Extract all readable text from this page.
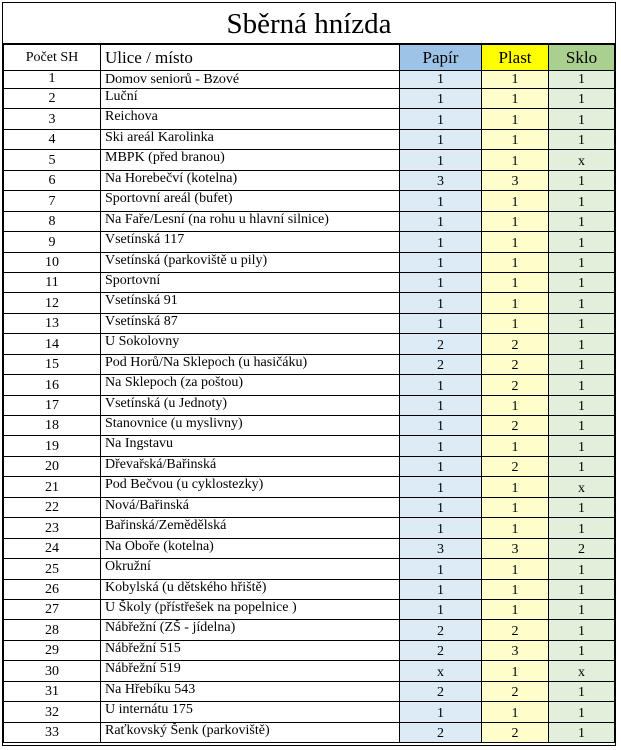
Sběrná hnízda
Počet SH	Ulice / místo	Papír	Plast	Sklo
1	Domov seniorů - Bzové	1	1	1
2	Luční	1	1	1
3	Reichova	1	1	1
4	Ski areál Karolinka	1	1	1
5	MBPK (před branou)	1	1	x
6	Na Horebečví (kotelna)	3	3	1
7	Sportovní areál (bufet)	1	1	1
8	Na Faře/Lesní (na rohu u hlavní silnice)	1	1	1
9	Vsetínská 117	1	1	1
10	Vsetínská (parkoviště u pily)	1	1	1
11	Sportovní	1	1	1
12	Vsetínská 91	1	1	1
13	Vsetínská 87	1	1	1
14	U Sokolovny	2	2	1
15	Pod Horů/Na Sklepoch (u hasičáku)	2	2	1
16	Na Sklepoch (za poštou)	1	2	1
17	Vsetínská (u Jednoty)	1	1	1
18	Stanovnice (u myslivny)	1	2	1
19	Na Ingstavu	1	1	1
20	Dřevařská/Bařinská	1	2	1
21	Pod Bečvou (u cyklostezky)	1	1	x
22	Nová/Bařinská	1	1	1
23	Bařinská/Zemědělská	1	1	1
24	Na Oboře (kotelna)	3	3	2
25	Okružní	1	1	1
26	Kobylská (u dětského hřiště)	1	1	1
27	U Školy (přístřešek na popelnice )	1	1	1
28	Nábřežní (ZŠ - jídelna)	2	2	1
29	Nábřežní 515	2	3	1
30	Nábřežní 519	x	1	x
31	Na Hřebíku 543	2	2	1
32	U internátu 175	1	1	1
33	Raťkovský Šenk (parkoviště)	2	2	1
